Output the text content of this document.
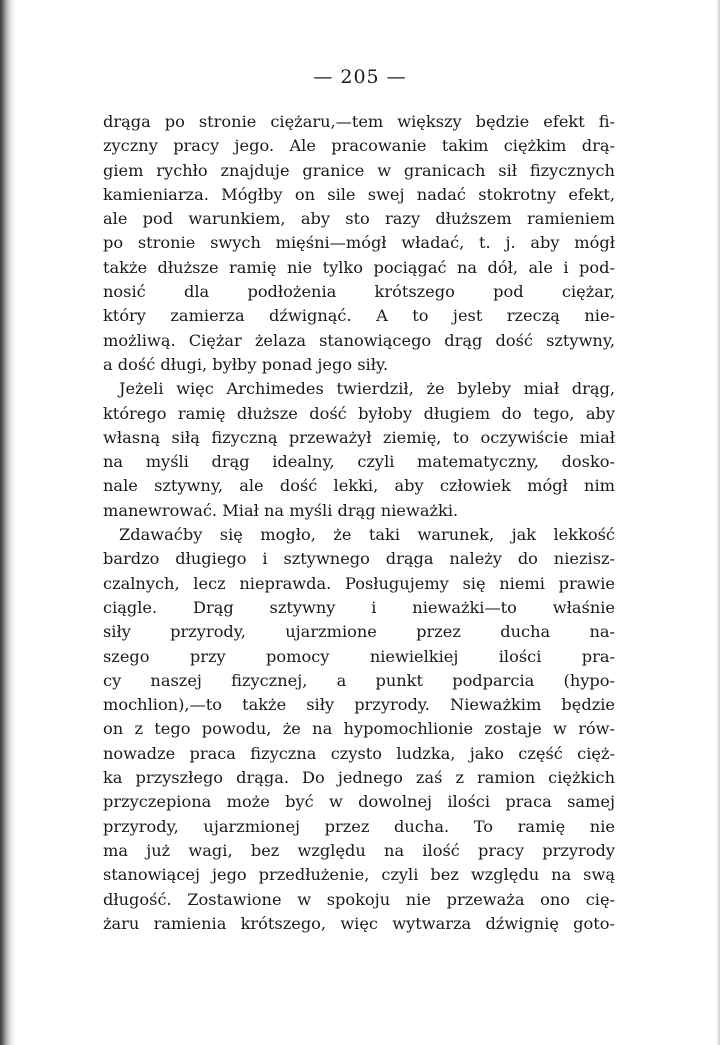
— 205 —
drąga po stronie ciężaru,—tem większy będzie efekt fi-
zyczny pracy jego. Ale pracowanie takim ciężkim drą-
giem rychło znajduje granice w granicach sił fizycznych
kamieniarza. Mógłby on sile swej nadać stokrotny efekt,
ale pod warunkiem, aby sto razy dłuższem ramieniem
po stronie swych mięśni—mógł władać, t. j. aby mógł
także dłuższe ramię nie tylko pociągać na dół, ale i pod-
nosić dla podłożenia krótszego pod ciężar,
który zamierza dźwignąć. A to jest rzeczą nie-
możliwą. Ciężar żelaza stanowiącego drąg dość sztywny,
a dość długi, byłby ponad jego siły.
Jeżeli więc Archimedes twierdził, że byleby miał drąg,
którego ramię dłuższe dość byłoby długiem do tego, aby
własną siłą fizyczną przeważył ziemię, to oczywiście miał
na myśli drąg idealny, czyli matematyczny, dosko-
nale sztywny, ale dość lekki, aby człowiek mógł nim
manewrować. Miał na myśli drąg nieważki.
Zdawaćby się mogło, że taki warunek, jak lekkość
bardzo długiego i sztywnego drąga należy do niezisz-
czalnych, lecz nieprawda. Posługujemy się niemi prawie
ciągle. Drąg sztywny i nieważki—to właśnie
siły przyrody, ujarzmione przez ducha na-
szego przy pomocy niewielkiej ilości pra-
cy naszej fizycznej, a punkt podparcia (hypo-
mochlion),—to także siły przyrody. Nieważkim będzie
on z tego powodu, że na hypomochlionie zostaje w rów-
nowadze praca fizyczna czysto ludzka, jako część cięż-
ka przyszłego drąga. Do jednego zaś z ramion ciężkich
przyczepiona może być w dowolnej ilości praca samej
przyrody, ujarzmionej przez ducha. To ramię nie
ma już wagi, bez względu na ilość pracy przyrody
stanowiącej jego przedłużenie, czyli bez względu na swą
długość. Zostawione w spokoju nie przeważa ono cię-
żaru ramienia krótszego, więc wytwarza dźwignię goto-
